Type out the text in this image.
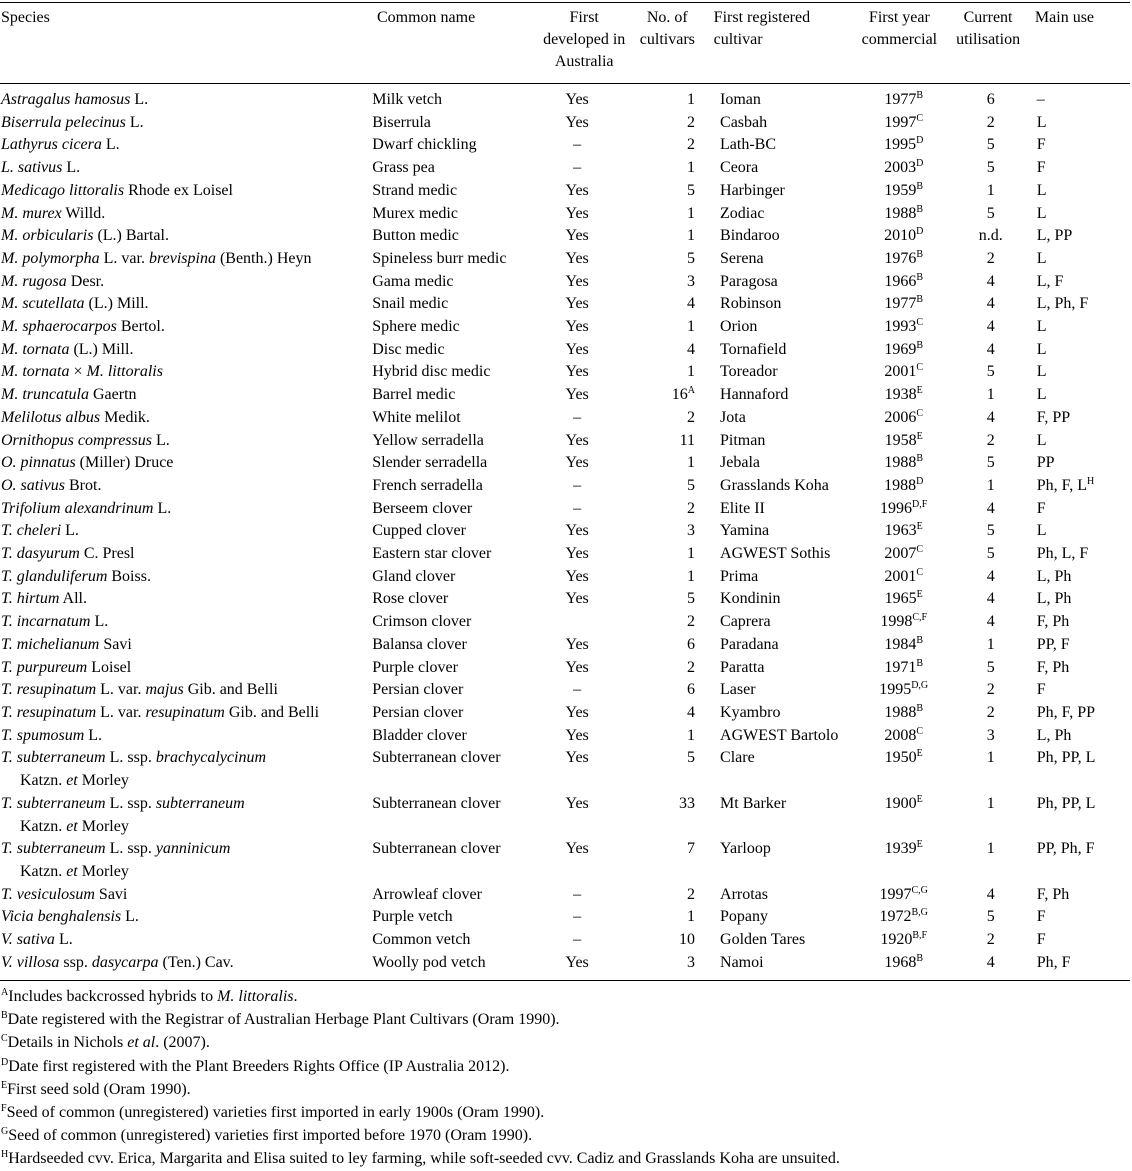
Species	Common name	First developed in Australia	No. of cultivars	First registered cultivar	First year commercial	Current utilisation	Main use
Astragalus hamosus L.	Milk vetch	Yes	1	Ioman	$1977^B$	6	–
Biserrula pelecinus L.	Biserrula	Yes	2	Casbah	$1997^C$	2	L
Lathyrus cicera L.	Dwarf chickling	–	2	Lath-BC	$1995^D$	5	F
L. sativus L.	Grass pea	–	1	Ceora	$2003^D$	5	F
Medicago littoralis Rhode ex Loisel	Strand medic	Yes	5	Harbinger	$1959^B$	1	L
M. murex Willd.	Murex medic	Yes	1	Zodiac	$1988^B$	5	L
M. orbicularis (L.) Bartal.	Button medic	Yes	1	Bindaroo	$2010^D$	n.d.	L, PP
M. polymorpha L. var. brevispina (Benth.) Heyn	Spineless burr medic	Yes	5	Serena	$1976^B$	2	L
M. rugosa Desr.	Gama medic	Yes	3	Paragosa	$1966^B$	4	L, F
M. scutellata (L.) Mill.	Snail medic	Yes	4	Robinson	$1977^B$	4	L, Ph, F
M. sphaerocarpos Bertol.	Sphere medic	Yes	1	Orion	$1993^C$	4	L
M. tornata (L.) Mill.	Disc medic	Yes	4	Tornafield	$1969^B$	4	L
M. tornata × M. littoralis	Hybrid disc medic	Yes	1	Toreador	$2001^C$	5	L
M. truncatula Gaertn	Barrel medic	Yes	$16^A$	Hannaford	$1938^E$	1	L
Melilotus albus Medik.	White melilot	–	2	Jota	$2006^C$	4	F, PP
Ornithopus compressus L.	Yellow serradella	Yes	11	Pitman	$1958^E$	2	L
O. pinnatus (Miller) Druce	Slender serradella	Yes	1	Jebala	$1988^B$	5	PP
O. sativus Brot.	French serradella	–	5	Grasslands Koha	$1988^D$	1	Ph, F, $L^H$
Trifolium alexandrinum L.	Berseem clover	–	2	Elite II	$1996^{D,F}$	4	F
T. cheleri L.	Cupped clover	Yes	3	Yamina	$1963^E$	5	L
T. dasyurum C. Presl	Eastern star clover	Yes	1	AGWEST Sothis	$2007^C$	5	Ph, L, F
T. glanduliferum Boiss.	Gland clover	Yes	1	Prima	$2001^C$	4	L, Ph
T. hirtum All.	Rose clover	Yes	5	Kondinin	$1965^E$	4	L, Ph
T. incarnatum L.	Crimson clover		2	Caprera	$1998^{C,F}$	4	F, Ph
T. michelianum Savi	Balansa clover	Yes	6	Paradana	$1984^B$	1	PP, F
T. purpureum Loisel	Purple clover	Yes	2	Paratta	$1971^B$	5	F, Ph
T. resupinatum L. var. majus Gib. and Belli	Persian clover	–	6	Laser	$1995^{D,G}$	2	F
T. resupinatum L. var. resupinatum Gib. and Belli	Persian clover	Yes	4	Kyambro	$1988^B$	2	Ph, F, PP
T. spumosum L.	Bladder clover	Yes	1	AGWEST Bartolo	$2008^C$	3	L, Ph
T. subterraneum L. ssp. brachycalycinum
Katzn. et Morley	Subterranean clover	Yes	5	Clare	$1950^E$	1	Ph, PP, L
T. subterraneum L. ssp. subterraneum
Katzn. et Morley	Subterranean clover	Yes	33	Mt Barker	$1900^E$	1	Ph, PP, L
T. subterraneum L. ssp. yanninicum
Katzn. et Morley	Subterranean clover	Yes	7	Yarloop	$1939^E$	1	PP, Ph, F
T. vesiculosum Savi	Arrowleaf clover	–	2	Arrotas	$1997^{C,G}$	4	F, Ph
Vicia benghalensis L.	Purple vetch	–	1	Popany	$1972^{B,G}$	5	F
V. sativa L.	Common vetch	–	10	Golden Tares	$1920^{B,F}$	2	F
V. villosa ssp. dasycarpa (Ten.) Cav.	Woolly pod vetch	Yes	3	Namoi	$1968^B$	4	Ph, F
$^A$Includes backcrossed hybrids to M. littoralis.
$^B$Date registered with the Registrar of Australian Herbage Plant Cultivars (Oram 1990).
$^C$Details in Nichols et al. (2007).
$^D$Date first registered with the Plant Breeders Rights Office (IP Australia 2012).
$^E$First seed sold (Oram 1990).
$^F$Seed of common (unregistered) varieties first imported in early 1900s (Oram 1990).
$^G$Seed of common (unregistered) varieties first imported before 1970 (Oram 1990).
$^H$Hardseeded cvv. Erica, Margarita and Elisa suited to ley farming, while soft-seeded cvv. Cadiz and Grasslands Koha are unsuited.
